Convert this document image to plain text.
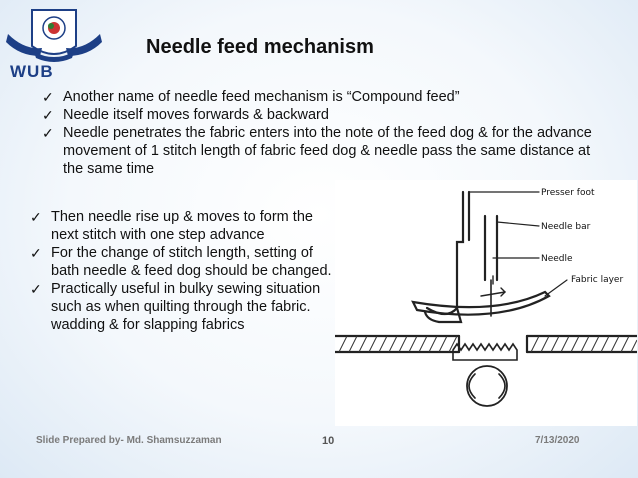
WUB
Needle feed mechanism
✓ Another name of needle feed mechanism is “Compound feed”
✓ Needle itself moves forwards & backward
✓ Needle penetrates the fabric enters into the note of the feed dog & for the advance movement of 1 stitch length of fabric feed dog & needle pass the same distance at the same time
✓ Then needle rise up & moves to form the next stitch with one step advance
✓ For the change of stitch length, setting of bath needle & feed dog should be changed.
✓ Practically useful in bulky sewing situation such as when quilting through the fabric. wadding & for slapping fabrics
Presser foot
Needle bar
Needle
Fabric layer
Slide Prepared by- Md. Shamsuzzaman	10	7/13/2020
